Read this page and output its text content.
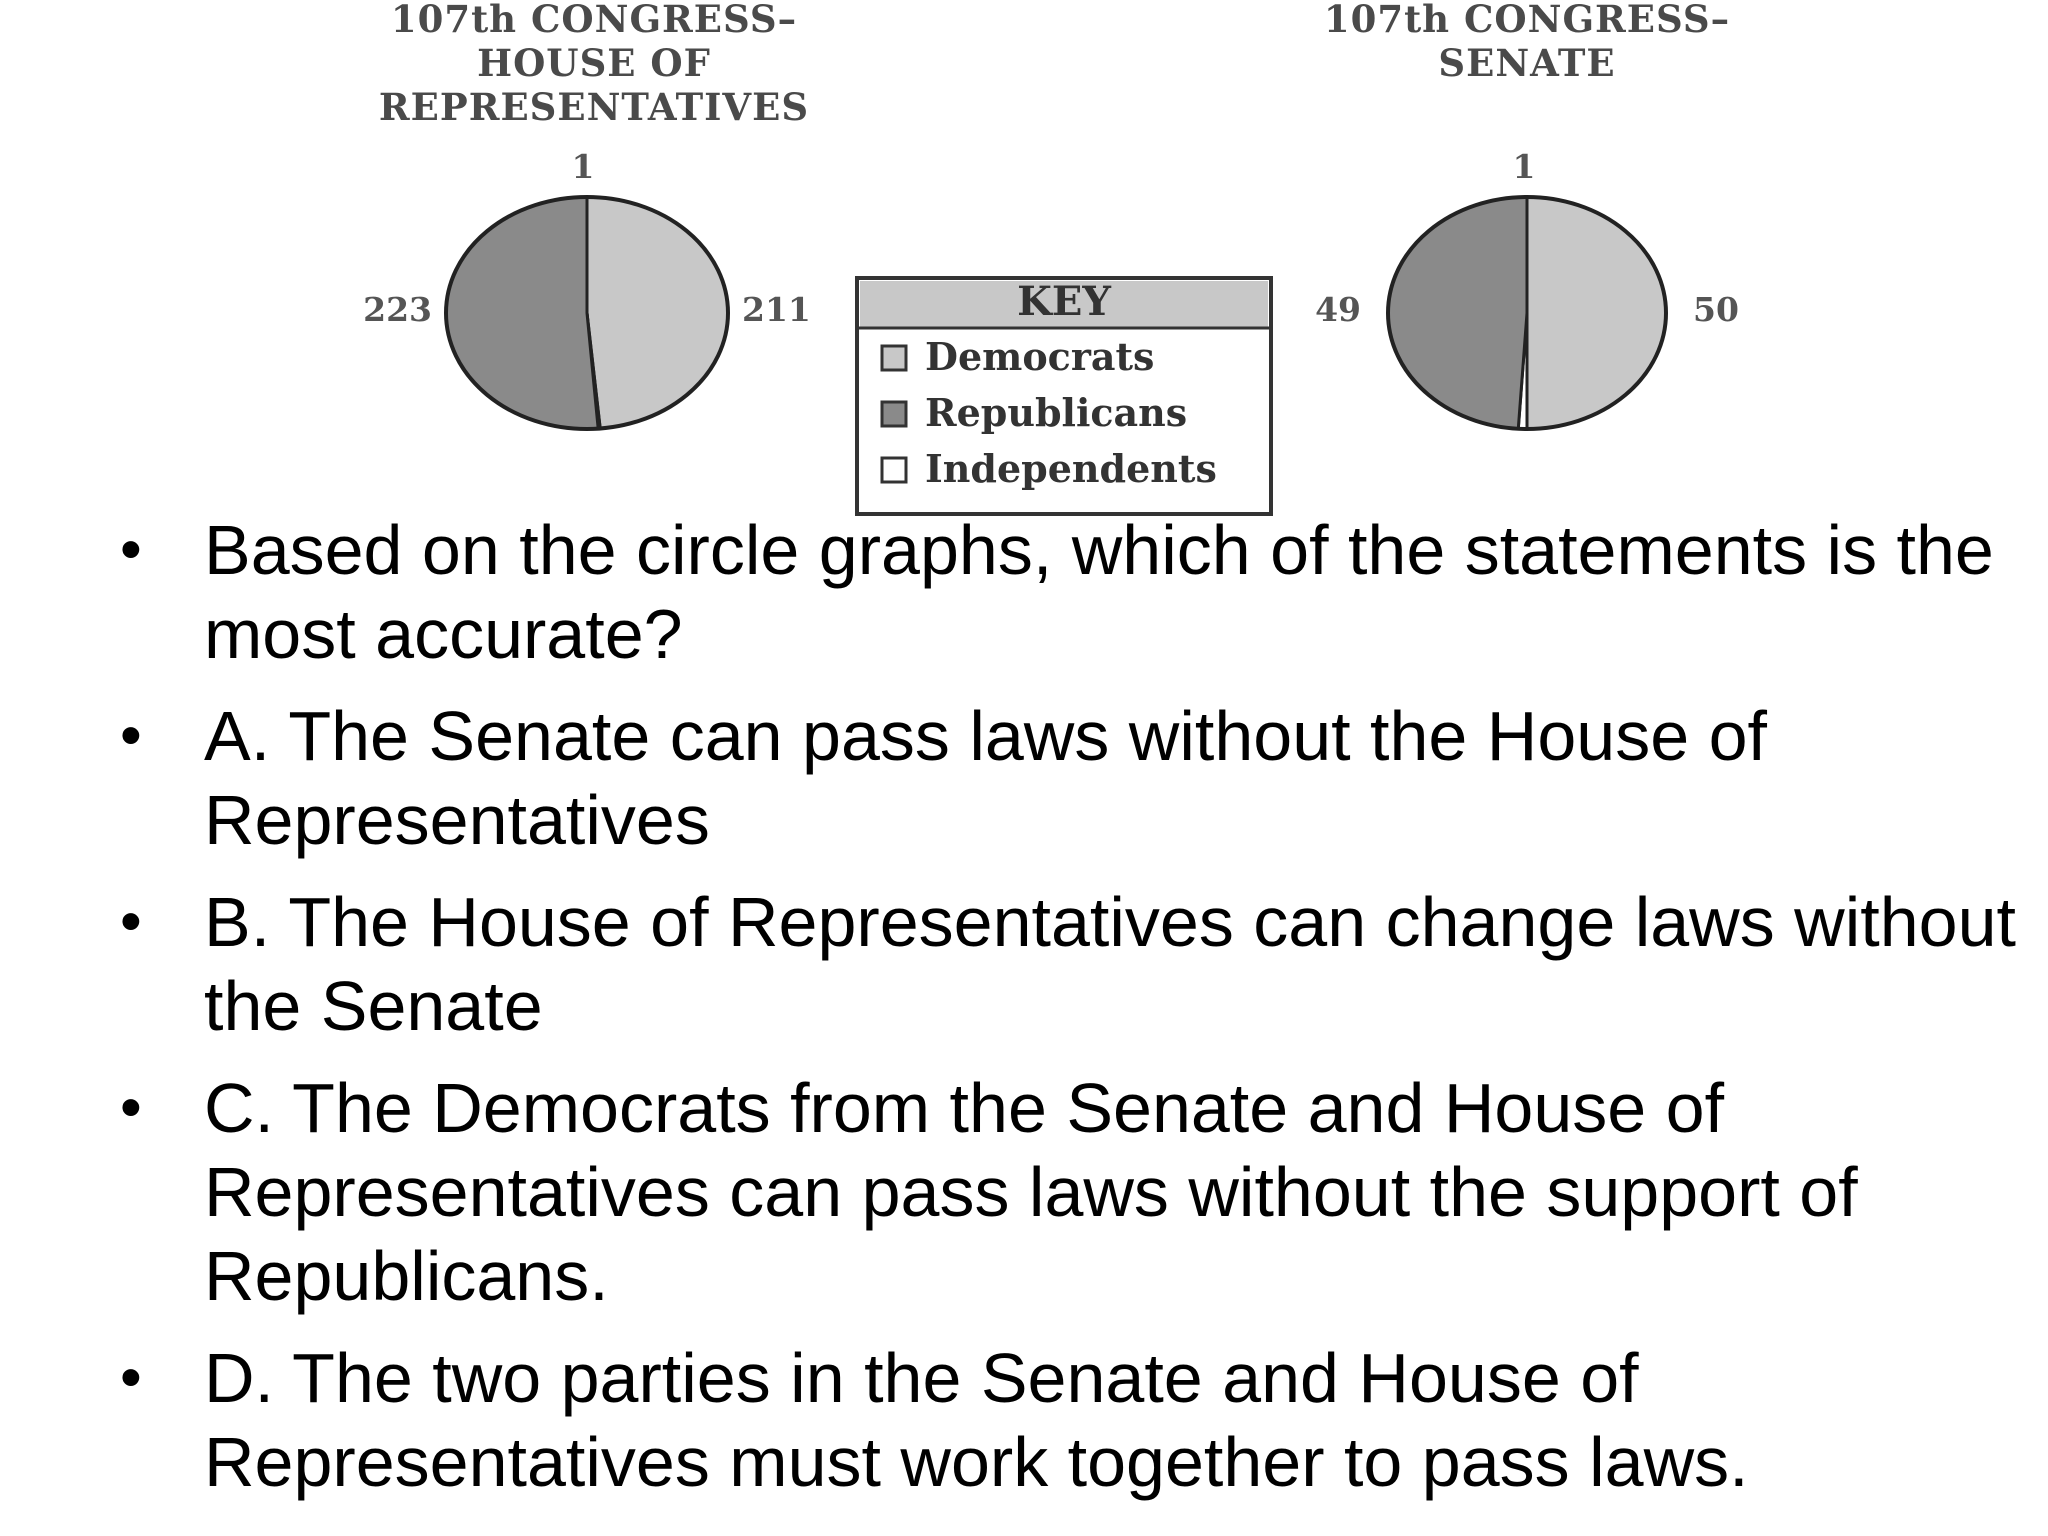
107th CONGRESS–
HOUSE OF
REPRESENTATIVES
211
1
223
107th CONGRESS–
SENATE
50
1
49
KEY
Democrats
Republicans
Independents
• Based on the circle graphs, which of the statements is the most accurate?
• A. The Senate can pass laws without the House of Representatives
• B. The House of Representatives can change laws without the Senate
• C. The Democrats from the Senate and House of Representatives can pass laws without the support of Republicans.
• D. The two parties in the Senate and House of Representatives must work together to pass laws.
